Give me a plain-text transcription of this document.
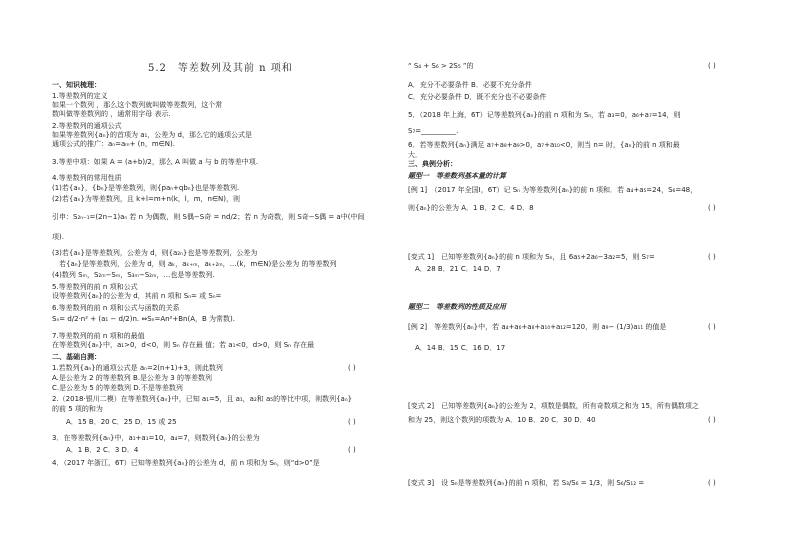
5.2　等差数列及其前 n 项和
一、知识梳理：
1.等差数列的定义
如果一个数列 ，那么这个数列就叫做等差数列，这个常
数叫做等差数列的 ，通常用字母 表示.
2.等差数列的通项公式
如果等差数列{aₙ}的首项为 a₁，公差为 d，那么它的通项公式是
通项公式的推广：aₙ=aₘ+ (n，m∈N).
3.等差中项：如果 A = (a+b)/2，那么 A 叫做 a 与 b 的等差中项.
4.等差数列的常用性质
(1)若{aₙ}，{bₙ}是等差数列，则{paₙ+qbₙ}也是等差数列.
(2)若{aₙ}为等差数列，且 k+l=m+n(k，l，m，n∈N)，则
引申：S₂ₙ₋₁=(2n−1)aₙ 若 n 为偶数，则 S偶−S奇 = nd/2；若 n 为奇数，则 S奇−S偶 = a中(中间
项).
(3)若{aₙ}是等差数列，公差为 d，则{a₂ₙ}也是等差数列，公差为
　若{aₙ}是等差数列，公差为 d，则 aₖ，aₖ₊ₘ，aₖ₊₂ₘ，…(k，m∈N)是公差为 的等差数列
(4)数列 Sₘ，S₂ₘ−Sₘ，S₃ₘ−S₂ₘ，…也是等差数列.
5.等差数列的前 n 项和公式
设等差数列{aₙ}的公差为 d，其前 n 项和 Sₙ= 或 Sₙ=
6.等差数列的前 n 项和公式与函数的关系
Sₙ= d/2·n² + (a₁ − d/2)n. ⇔Sₙ=An²+Bn(A，B 为常数).
7.等差数列的前 n 项和的最值
在等差数列{aₙ}中，a₁>0，d<0，则 Sₙ 存在最 值；若 a₁<0，d>0，则 Sₙ 存在最
二、基础自测：
1.若数列{aₙ}的通项公式是 aₙ=2(n+1)+3，则此数列
A.是公差为 2 的等差数列 B.是公差为 3 的等差数列
C.是公差为 5 的等差数列 D.不是等差数列
2.（2018·银川二模）在等差数列{aₙ}中，已知 a₁=5，且 a₁，a₂和 a₅的等比中项，则数列{aₙ}
的前 5 项的和为
　　A．15 B．20 C．25 D．15 或 25
3．在等差数列{aₙ}中，a₁+a₁=10，a₄=7，则数列{aₙ}的公差为
　　A．1 B．2 C．3 D．4
4．（2017 年浙江，6T）已知等差数列{aₙ}的公差为 d，前 n 项和为 Sₙ，则“d>0”是
“ S₄ + S₆ > 2S₅ ”的
A．充分不必要条件 B．必要不充分条件
C．充分必要条件 D．既不充分也不必要条件
5．（2018 年上海，6T）记等差数列{aₙ}的前 n 项和为 Sₙ，若 a₃=0，a₆+a₇=14，则
S₇=__________.
6．若等差数列{aₙ}满足 a₇+a₈+a₉>0，a₇+a₁₀<0，则当 n= 时，{aₙ}的前 n 项和最
大．
三、典例分析：
题型一　等差数列基本量的计算
[例 1]　（2017 年全国Ⅰ，6T）记 Sₙ 为等差数列{aₙ}的前 n 项和．若 a₄+a₅=24，S₆=48，
则{aₙ}的公差为 A．1 B．2 C．4 D．8
[变式 1]　已知等差数列{aₙ}的前 n 项和为 Sₙ，且 6a₅+2a₆−3a₂=5，则 S₇=
　A．28 B．21 C．14 D．7
题型二　等差数列的性质及应用
[例 2]　等差数列{aₙ}中，若 a₄+a₆+a₈+a₁₀+a₁₂=120，则 a₉− (1/3)a₁₁ 的值是
　A．14 B．15 C．16 D．17
[变式 2]　已知等差数列{aₙ}的公差为 2，项数是偶数，所有奇数项之和为 15，所有偶数项之
和为 25，则这个数列的项数为 A．10 B．20 C．30 D．40
[变式 3]　设 Sₙ是等差数列{aₙ}的前 n 项和，若 S₃/S₆ = 1/3，则 S₆/S₁₂ =
( )
( )
( )
( )
( )
( )
( )
( )
( )
